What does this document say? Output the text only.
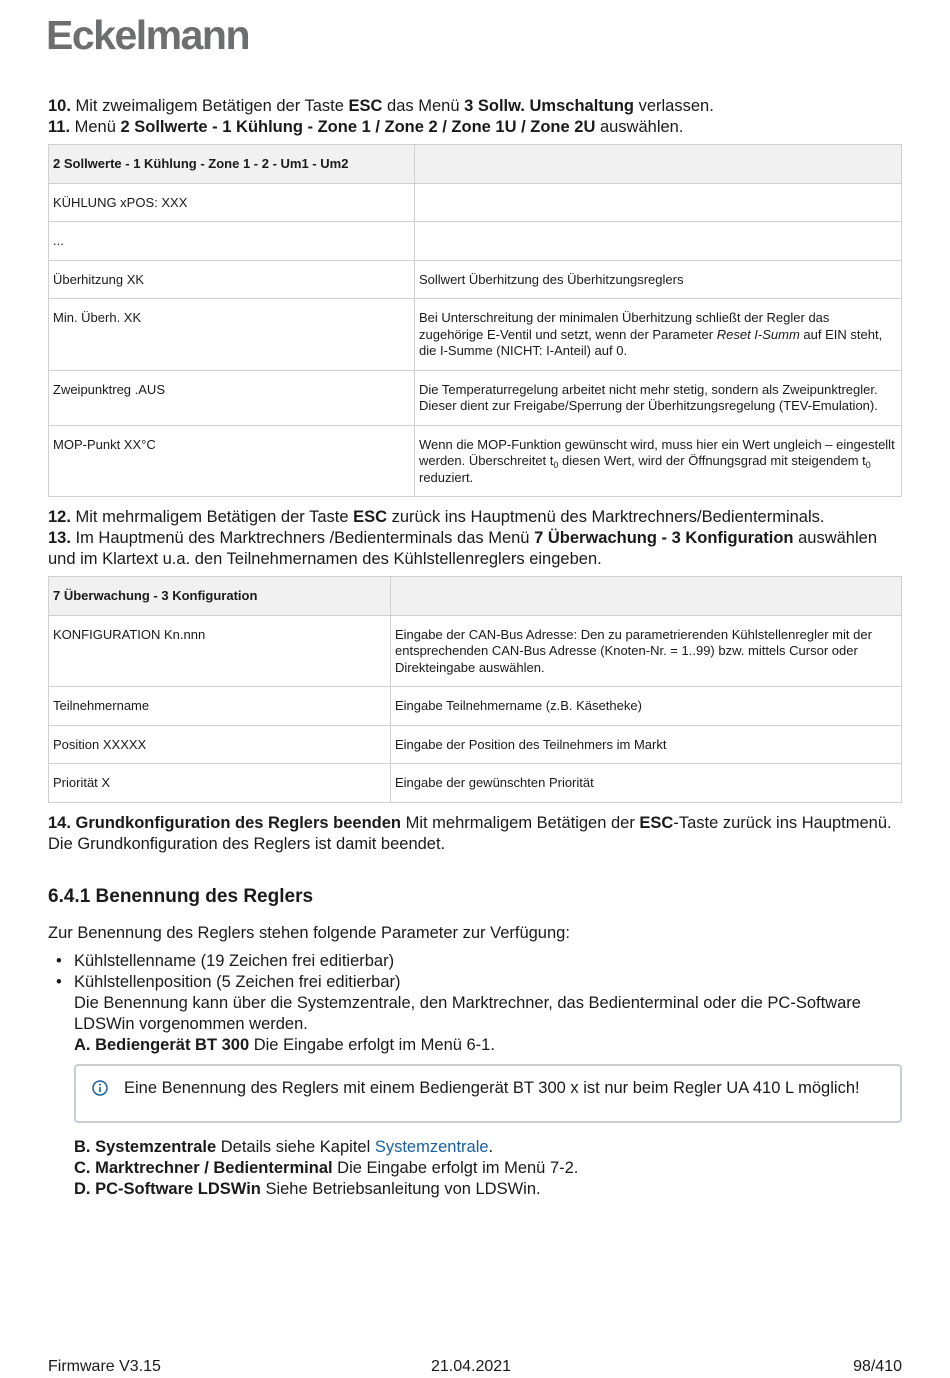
Eckelmann
10. Mit zweimaligem Betätigen der Taste ESC das Menü 3 Sollw. Umschaltung verlassen.
11. Menü 2 Sollwerte - 1 Kühlung - Zone 1 / Zone 2 / Zone 1U / Zone 2U auswählen.
2 Sollwerte - 1 Kühlung - Zone 1 - 2 - Um1 - Um2	
KÜHLUNG xPOS: XXX	
...	
Überhitzung XK	Sollwert Überhitzung des Überhitzungsreglers
Min. Überh. XK	Bei Unterschreitung der minimalen Überhitzung schließt der Regler das zugehörige E-Ventil und setzt, wenn der Parameter Reset I-Summ auf EIN steht, die I-Summe (NICHT: I-Anteil) auf 0.
Zweipunktreg .AUS	Die Temperaturregelung arbeitet nicht mehr stetig, sondern als Zweipunktregler. Dieser dient zur Freigabe/Sperrung der Überhitzungsregelung (TEV-Emulation).
MOP-Punkt XX°C	Wenn die MOP-Funktion gewünscht wird, muss hier ein Wert ungleich – eingestellt werden. Überschreitet $t_0$ diesen Wert, wird der Öffnungsgrad mit steigendem $t_0$ reduziert.
12. Mit mehrmaligem Betätigen der Taste ESC zurück ins Hauptmenü des Marktrechners/Bedienterminals.
13. Im Hauptmenü des Marktrechners /Bedienterminals das Menü 7 Überwachung - 3 Konfiguration auswählen und im Klartext u.a. den Teilnehmernamen des Kühlstellenreglers eingeben.
7 Überwachung - 3 Konfiguration	
KONFIGURATION Kn.nnn	Eingabe der CAN-Bus Adresse: Den zu parametrierenden Kühlstellenregler mit der entsprechenden CAN-Bus Adresse (Knoten-Nr. = 1..99) bzw. mittels Cursor oder Direkteingabe auswählen.
Teilnehmername	Eingabe Teilnehmername (z.B. Käsetheke)
Position XXXXX	Eingabe der Position des Teilnehmers im Markt
Priorität X	Eingabe der gewünschten Priorität
14. Grundkonfiguration des Reglers beenden Mit mehrmaligem Betätigen der ESC-Taste zurück ins Hauptmenü. Die Grundkonfiguration des Reglers ist damit beendet.
6.4.1 Benennung des Reglers

Zur Benennung des Reglers stehen folgende Parameter zur Verfügung:

• Kühlstellenname (19 Zeichen frei editierbar)
• Kühlstellenposition (5 Zeichen frei editierbar)
Die Benennung kann über die Systemzentrale, den Marktrechner, das Bedienterminal oder die PC-Software LDSWin vorgenommen werden.
A. Bediengerät BT 300 Die Eingabe erfolgt im Menü 6-1.
Eine Benennung des Reglers mit einem Bediengerät BT 300 x ist nur beim Regler UA 410 L möglich!
B. Systemzentrale Details siehe Kapitel Systemzentrale.
C. Marktrechner / Bedienterminal Die Eingabe erfolgt im Menü 7-2.
D. PC-Software LDSWin Siehe Betriebsanleitung von LDSWin.
Firmware V3.15	21.04.2021	98/410
